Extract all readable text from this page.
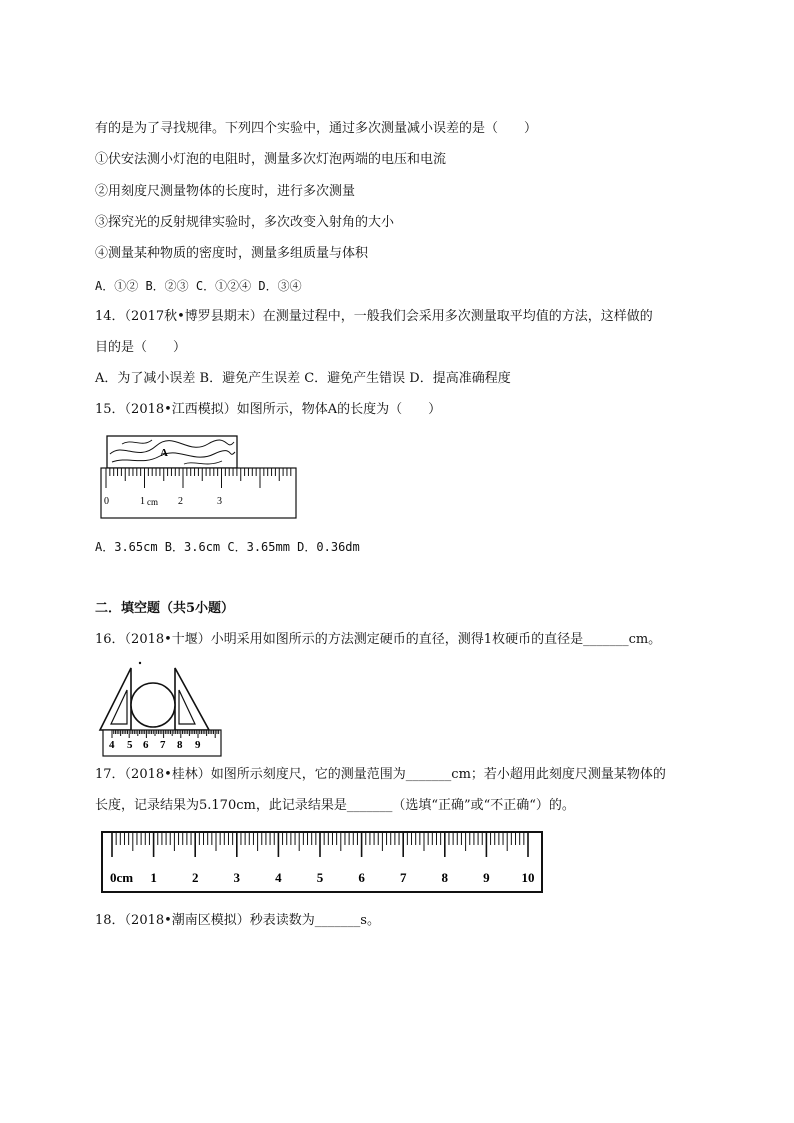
有的是为了寻找规律。下列四个实验中，通过多次测量减小误差的是（　　）
①伏安法测小灯泡的电阻时，测量多次灯泡两端的电压和电流
②用刻度尺测量物体的长度时，进行多次测量
③探究光的反射规律实验时，多次改变入射角的大小
④测量某种物质的密度时，测量多组质量与体积
A．①② B．②③ C．①②④ D．③④
14．（2017秋•博罗县期末）在测量过程中，一般我们会采用多次测量取平均值的方法，这样做的
目的是（　　）
A．为了减小误差 B．避免产生误差 C．避免产生错误 D．提高准确程度
15．（2018•江西模拟）如图所示，物体A的长度为（　　）
A
0	1 cm 2	3
A．3.65cm B．3.6cm C．3.65mm D．0.36dm
二．填空题（共5小题）
16．（2018•十堰）小明采用如图所示的方法测定硬币的直径，测得1枚硬币的直径是_______cm。
4 5 6 7 8 9
17．（2018•桂林）如图所示刻度尺，它的测量范围为_______cm；若小超用此刻度尺测量某物体的
长度，记录结果为5.170cm，此记录结果是_______（选填“正确”或“不正确“）的。
0cm 1	2	3	4	5	6	7	8	9 10
18．（2018•潮南区模拟）秒表读数为_______s。
